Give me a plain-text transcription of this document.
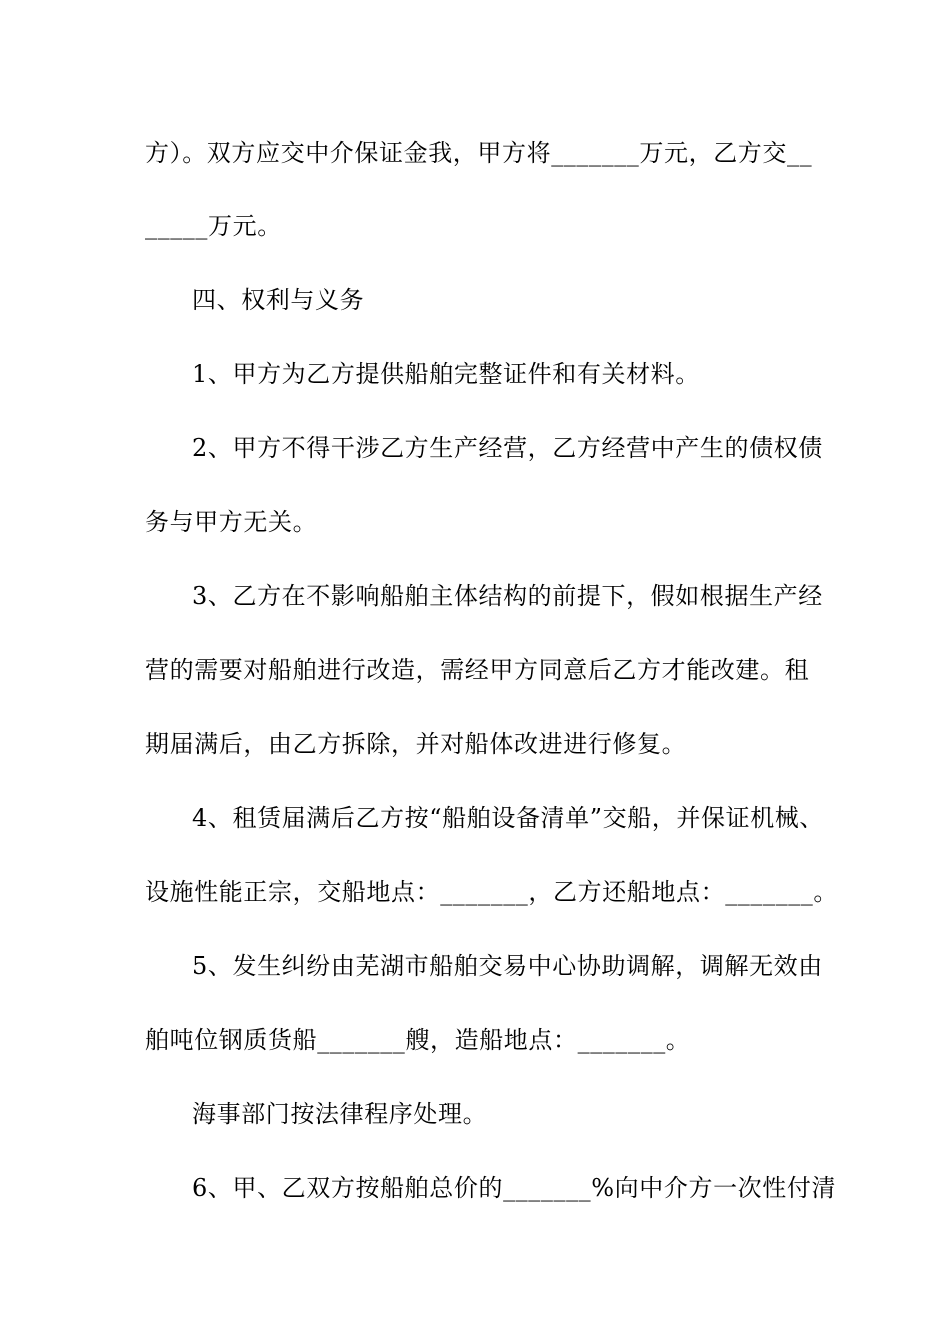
方）。双方应交中介保证金我，甲方将_______万元，乙方交__

_____万元。

四、权利与义务

1、甲方为乙方提供船舶完整证件和有关材料。

2、甲方不得干涉乙方生产经营，乙方经营中产生的债权债

务与甲方无关。

3、乙方在不影响船舶主体结构的前提下，假如根据生产经

营的需要对船舶进行改造，需经甲方同意后乙方才能改建。租

期届满后，由乙方拆除，并对船体改进进行修复。

4、租赁届满后乙方按“船舶设备清单”交船，并保证机械、

设施性能正宗，交船地点：_______，乙方还船地点：_______。

5、发生纠纷由芜湖市船舶交易中心协助调解，调解无效由

舶吨位钢质货船_______艘，造船地点：_______。

海事部门按法律程序处理。

6、甲、乙双方按船舶总价的_______%向中介方一次性付清
